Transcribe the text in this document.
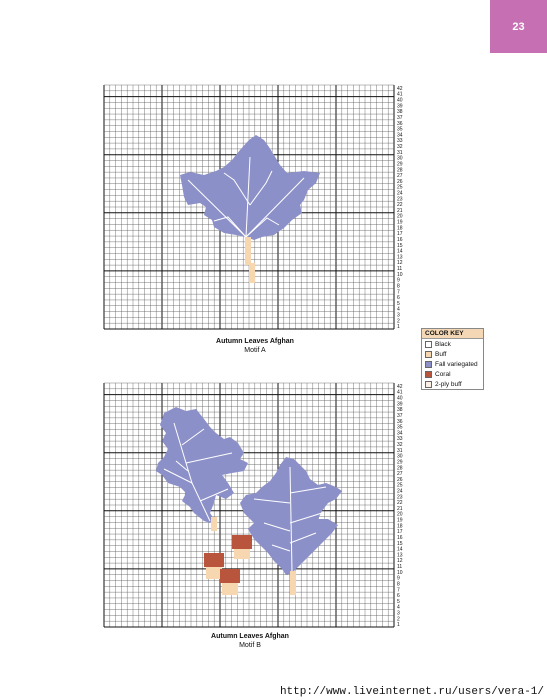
23
1
2
3
4
5
6
7
8
9
10
11
12
13
14
15
16
17
18
19
20
21
22
23
24
25
26
27
28
29
30
31
32
33
34
35
36
37
38
39
40
41
42
Autumn Leaves Afghan
Motif A
COLOR KEY
Black
Buff
Fall variegated
Coral
2-ply buff
1
2
3
4
5
6
7
8
9
10
11
12
13
14
15
16
17
18
19
20
21
22
23
24
25
26
27
28
29
30
31
32
33
34
35
36
37
38
39
40
41
42
Autumn Leaves Afghan
Motif B
http://www.liveinternet.ru/users/vera-1/
